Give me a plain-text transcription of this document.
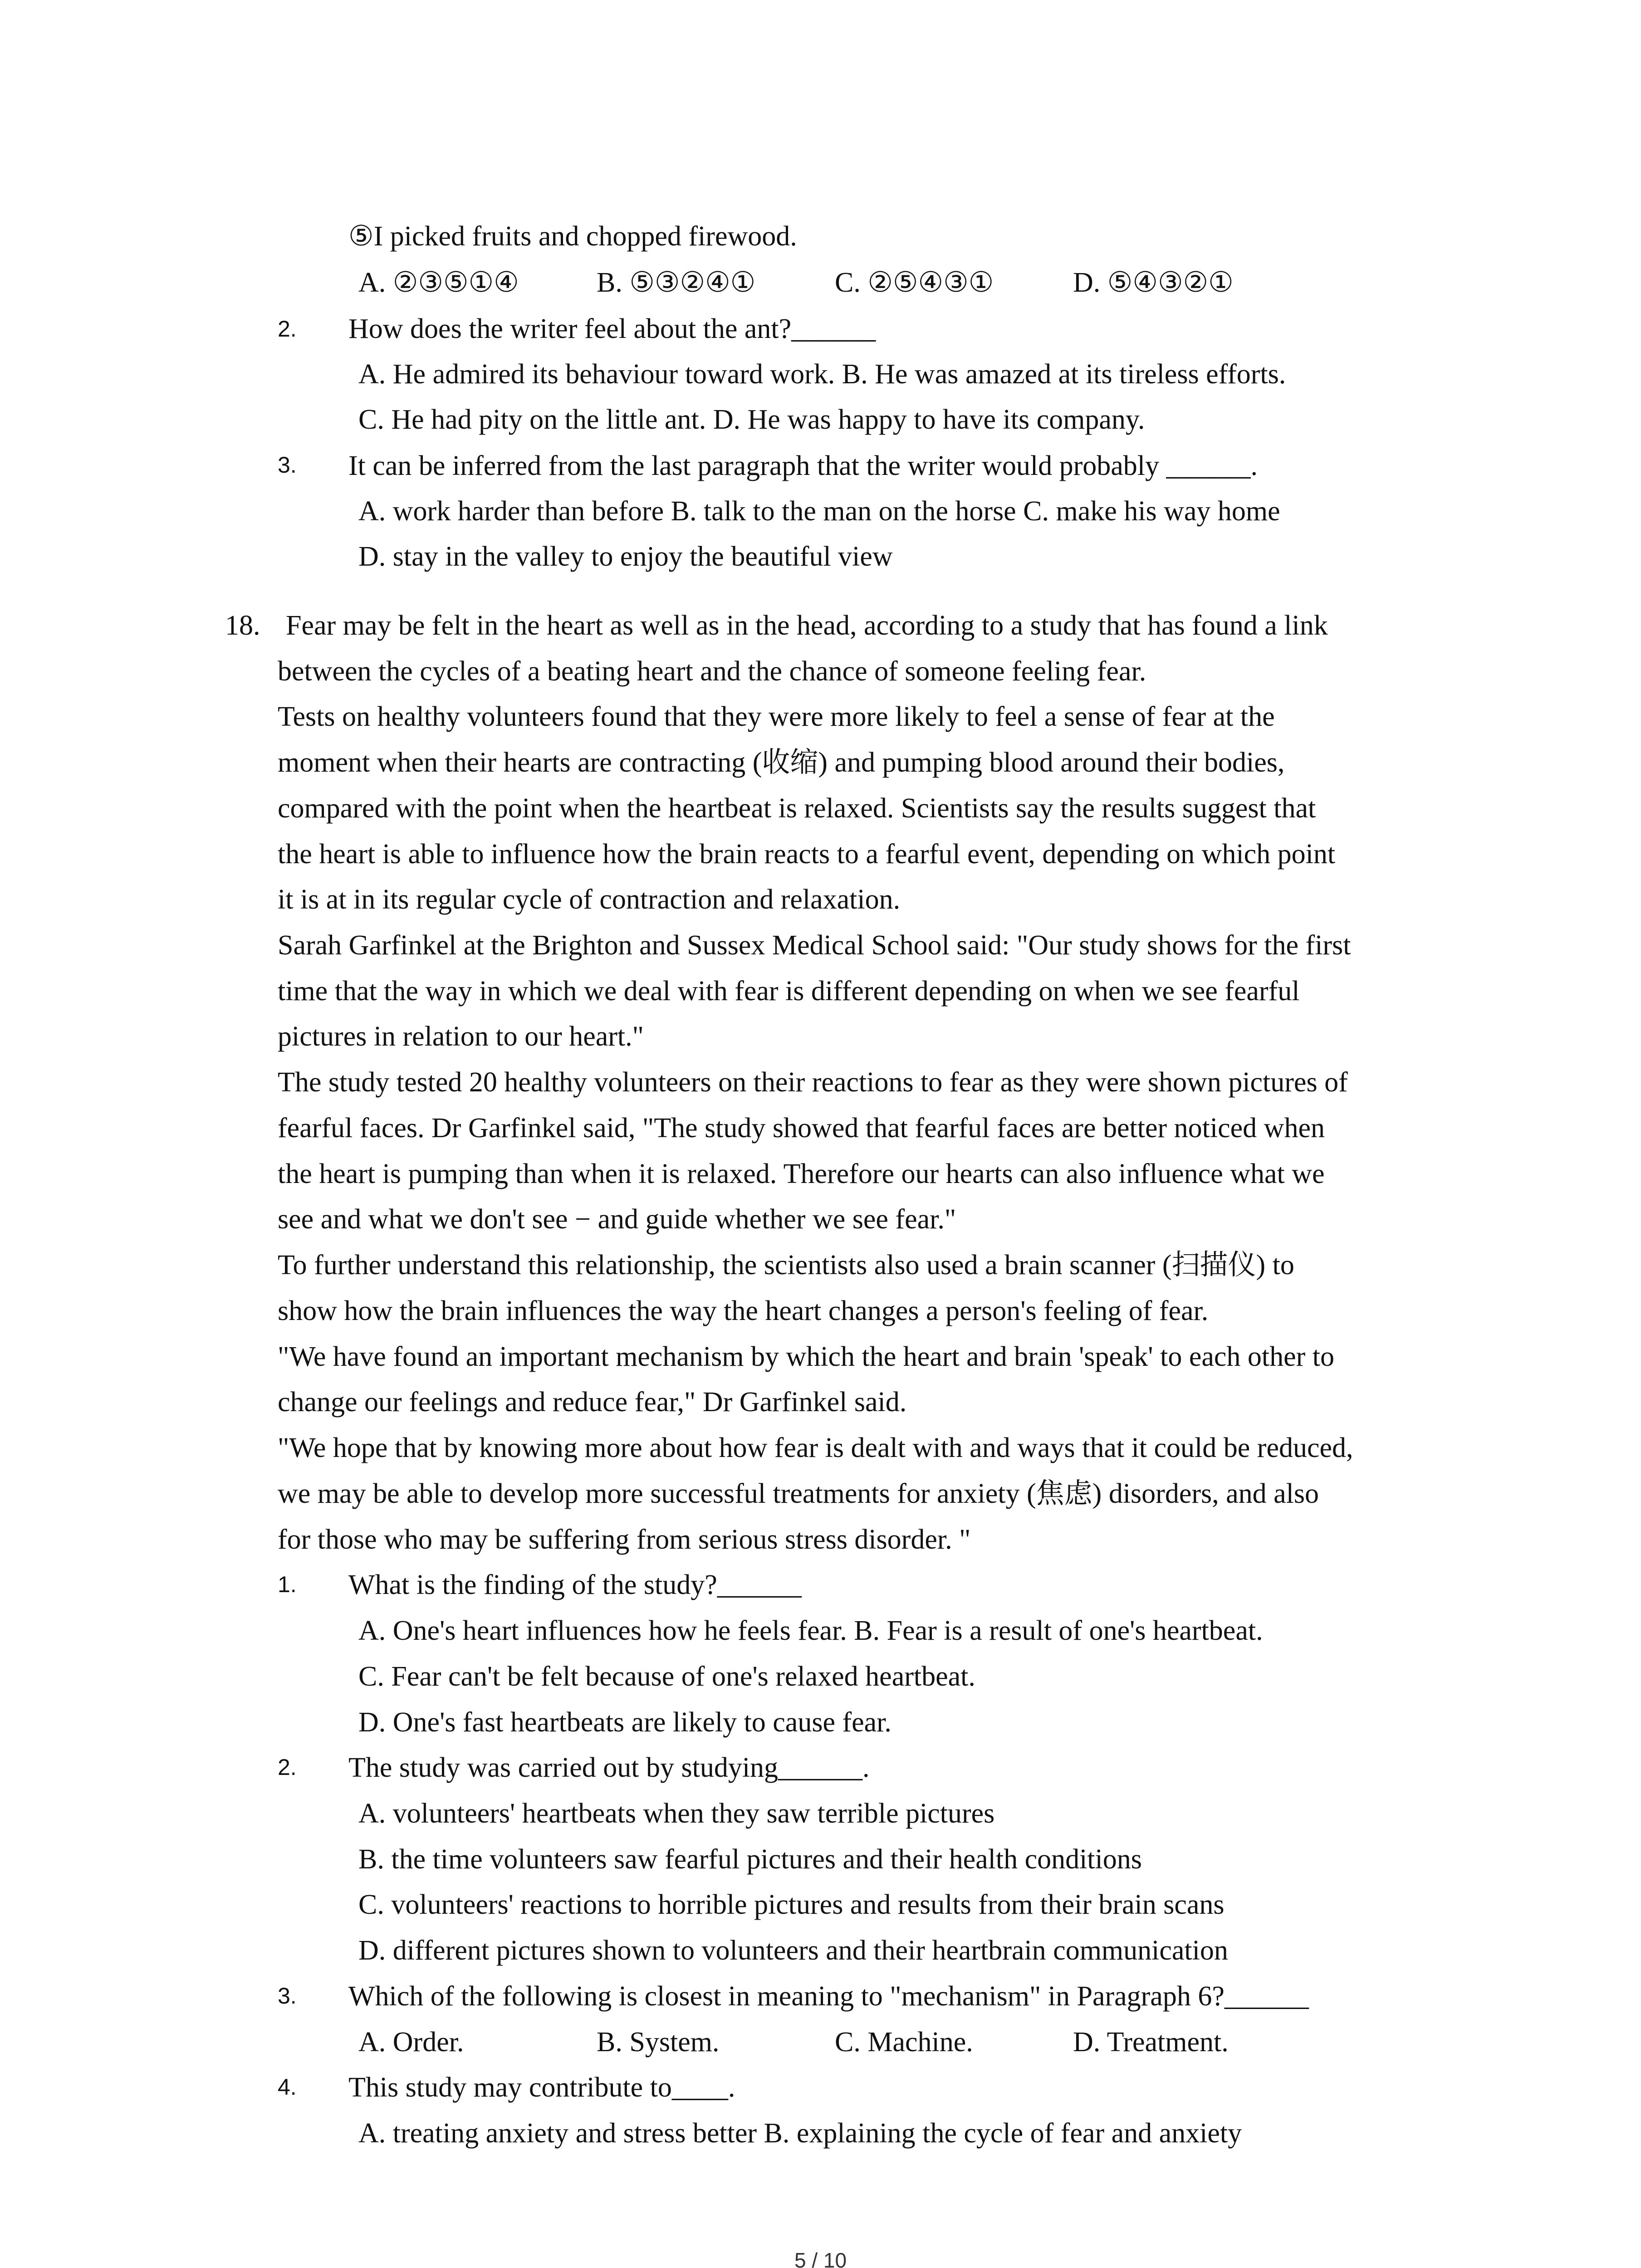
⑤I picked fruits and chopped firewood.
A. ②③⑤①④	B. ⑤③②④①	C. ②⑤④③①	D. ⑤④③②①
2. How does the writer feel about the ant?______
A. He admired its behaviour toward work. B. He was amazed at its tireless efforts.
C. He had pity on the little ant. D. He was happy to have its company.
3. It can be inferred from the last paragraph that the writer would probably ______.
A. work harder than before B. talk to the man on the horse C. make his way home
D. stay in the valley to enjoy the beautiful view
18. Fear may be felt in the heart as well as in the head, according to a study that has found a link
between the cycles of a beating heart and the chance of someone feeling fear.
Tests on healthy volunteers found that they were more likely to feel a sense of fear at the
moment when their hearts are contracting (收缩) and pumping blood around their bodies,
compared with the point when the heartbeat is relaxed. Scientists say the results suggest that
the heart is able to influence how the brain reacts to a fearful event, depending on which point
it is at in its regular cycle of contraction and relaxation.
Sarah Garfinkel at the Brighton and Sussex Medical School said: "Our study shows for the first
time that the way in which we deal with fear is different depending on when we see fearful
pictures in relation to our heart."
The study tested 20 healthy volunteers on their reactions to fear as they were shown pictures of
fearful faces. Dr Garfinkel said, "The study showed that fearful faces are better noticed when
the heart is pumping than when it is relaxed. Therefore our hearts can also influence what we
see and what we don't see − and guide whether we see fear."
To further understand this relationship, the scientists also used a brain scanner (扫描仪) to
show how the brain influences the way the heart changes a person's feeling of fear.
"We have found an important mechanism by which the heart and brain 'speak' to each other to
change our feelings and reduce fear," Dr Garfinkel said.
"We hope that by knowing more about how fear is dealt with and ways that it could be reduced,
we may be able to develop more successful treatments for anxiety (焦虑) disorders, and also
for those who may be suffering from serious stress disorder. "
1. What is the finding of the study?______
A. One's heart influences how he feels fear. B. Fear is a result of one's heartbeat.
C. Fear can't be felt because of one's relaxed heartbeat.
D. One's fast heartbeats are likely to cause fear.
2. The study was carried out by studying______.
A. volunteers' heartbeats when they saw terrible pictures
B. the time volunteers saw fearful pictures and their health conditions
C. volunteers' reactions to horrible pictures and results from their brain scans
D. different pictures shown to volunteers and their heartbrain communication
3. Which of the following is closest in meaning to "mechanism" in Paragraph 6?______
A. Order.	B. System.	C. Machine.	D. Treatment.
4. This study may contribute to____.
A. treating anxiety and stress better B. explaining the cycle of fear and anxiety
5 / 10
